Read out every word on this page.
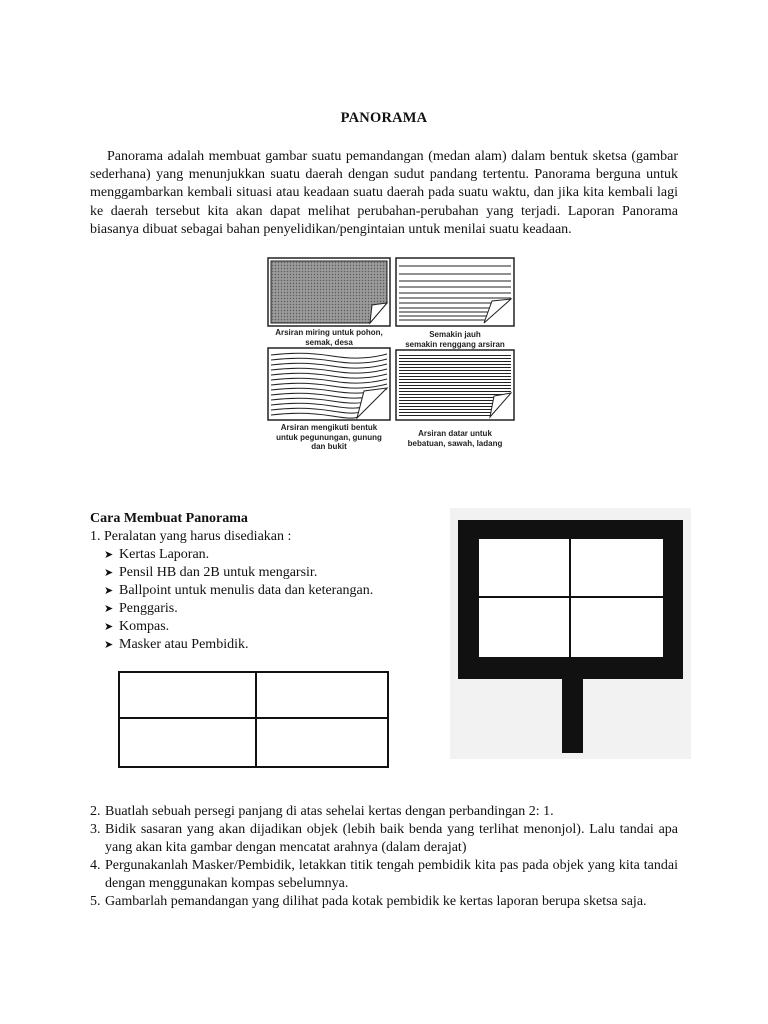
PANORAMA

Panorama adalah membuat gambar suatu pemandangan (medan alam) dalam bentuk sketsa (gambar sederhana) yang menunjukkan suatu daerah dengan sudut pandang tertentu. Panorama berguna untuk menggambarkan kembali situasi atau keadaan suatu daerah pada suatu waktu, dan jika kita kembali lagi ke daerah tersebut kita akan dapat melihat perubahan-perubahan yang terjadi. Laporan Panorama biasanya dibuat sebagai bahan penyelidikan/pengintaian untuk menilai suatu keadaan.

Arsiran miring untuk pohon,
semak, desa
Semakin jauh
semakin renggang arsiran
Arsiran mengikuti bentuk
untuk pegunungan, gunung
dan bukit
Arsiran datar untuk
bebatuan, sawah, ladang
Cara Membuat Panorama
1. Peralatan yang harus disediakan :
➤ Kertas Laporan.
➤ Pensil HB dan 2B untuk mengarsir.
➤ Ballpoint untuk menulis data dan keterangan.
➤ Penggaris.
➤ Kompas.
➤ Masker atau Pembidik.
2. Buatlah sebuah persegi panjang di atas sehelai kertas dengan perbandingan 2: 1.
3. Bidik sasaran yang akan dijadikan objek (lebih baik benda yang terlihat menonjol). Lalu tandai apa yang akan kita gambar dengan mencatat arahnya (dalam derajat)
4. Pergunakanlah Masker/Pembidik, letakkan titik tengah pembidik kita pas pada objek yang kita tandai dengan menggunakan kompas sebelumnya.
5. Gambarlah pemandangan yang dilihat pada kotak pembidik ke kertas laporan berupa sketsa saja.
